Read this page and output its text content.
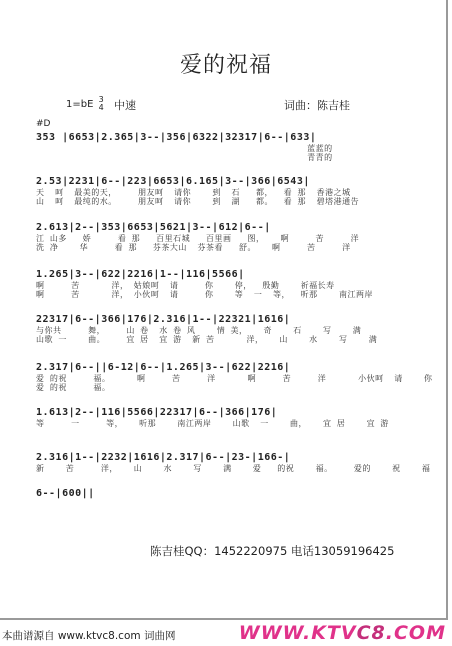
爱的祝福
1=bE 3
4 中速	词曲：陈吉桂
#D
353 |6653|2.365|3--|356|6322|32317|6--|633|
蓝蓝的
青青的
2.53|2231|6--|223|6653|6.165|3--|366|6543|
天  呵  最美的天，    朋友呵  请你    到  石   都，  看 那  香港之城
山  呵  最纯的水。    朋友呵  请你    到  湖   都。  看 那  碧塔港通告
2.613|2--|353|6653|5621|3--|612|6--|
江 山多   娇     看 那   百里石城   百里画   图，   啊     苦     洋
洗 净    华     看 那   芬茶大山  芬茶看   舒。   啊     苦     洋
1.265|3--|622|2216|1--|116|5566|
啊     苦      洋， 姑娘呵  请     你    停，  殷勤    祈福长寿
啊     苦      洋， 小伙呵  请     你    等  一  等，  听那    南江两岸
22317|6--|366|176|2.316|1--|22321|1616|
与你共     舞，    山 卷  水 卷 风    情 美，   奇    石    写    满
山歌 一    曲。    宜 居  宜 游  新 苦      洋，   山    水    写    满
2.317|6--||6-12|6--|1.265|3--|622|2216|
爱 的祝     福。     啊     苦     洋      啊     苦     洋      小伙呵  请    你
爱 的祝     福。
1.613|2--|116|5566|22317|6--|366|176|
等     一     等，   听那    南江两岸    山歌  一    曲，   宜 居    宜 游
2.316|1--|2232|1616|2.317|6--|23-|166-|
新    苦     洋，   山    水    写    满    爱   的祝    福。    爱的    祝    福
6--|600||
陈吉桂QQ：1452220975 电话13059196425
本曲谱源自 www.ktvc8.com 词曲网	WWW.KTVC8.COM
